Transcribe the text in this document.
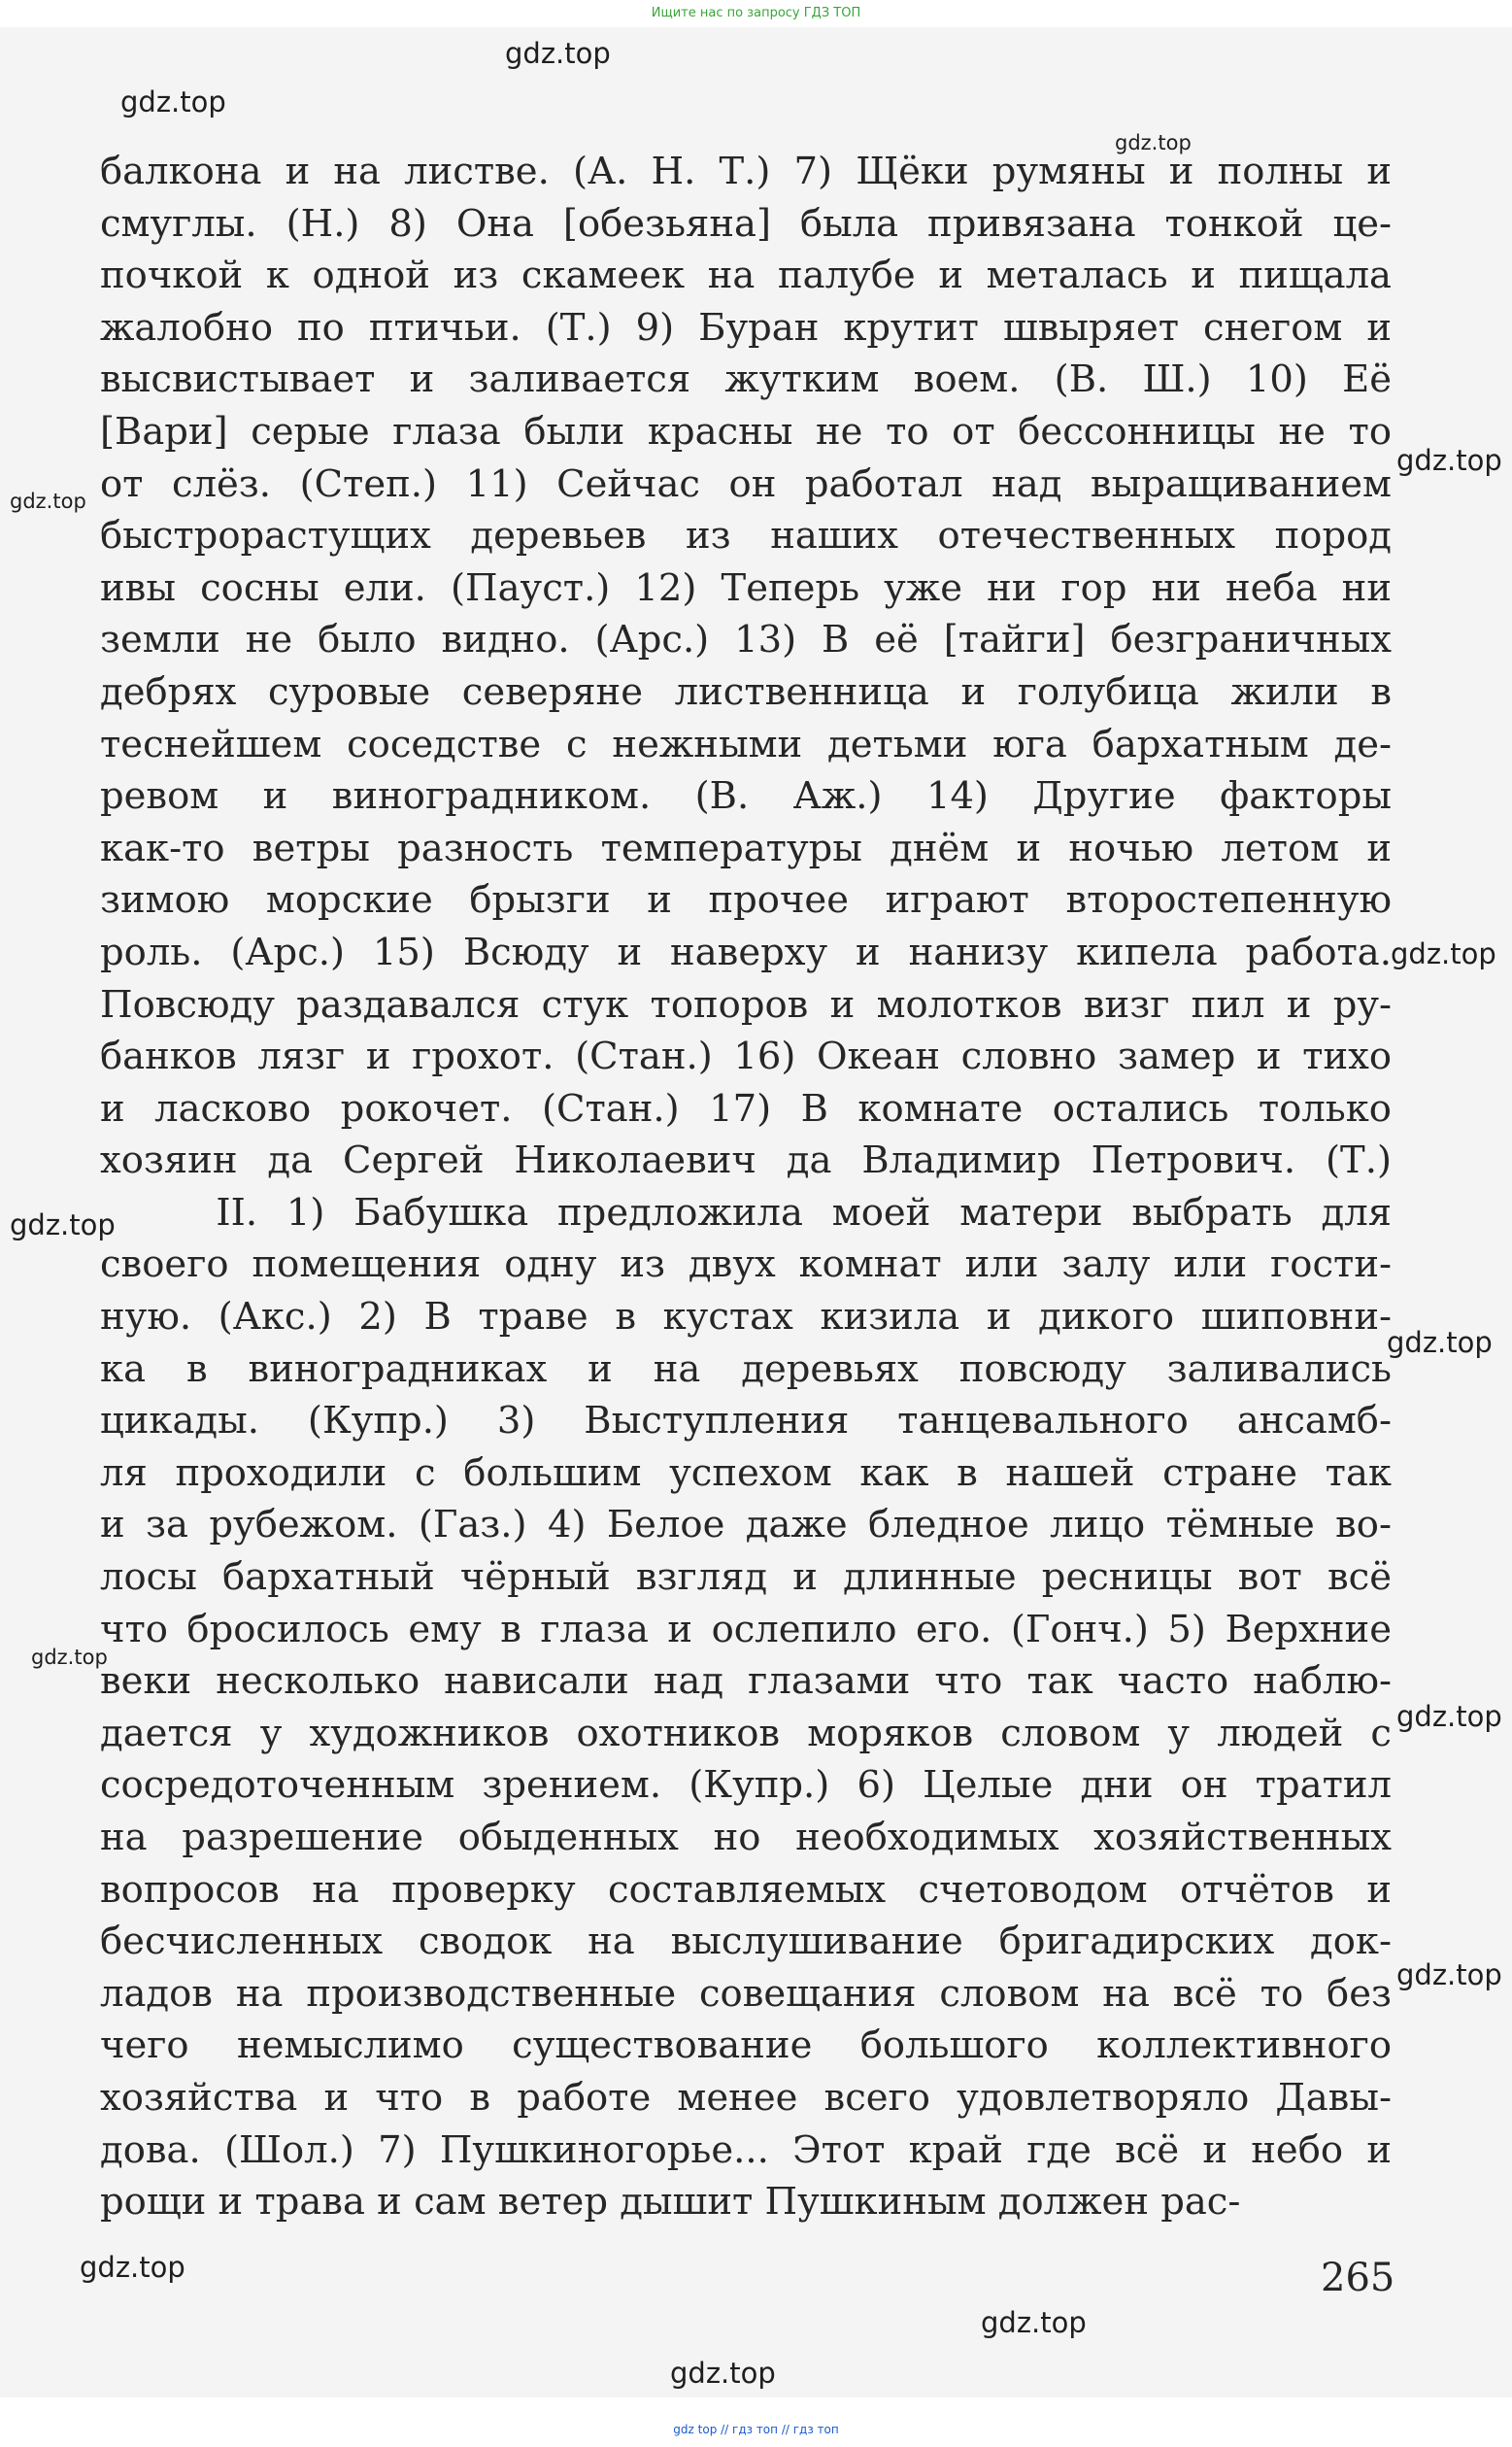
Ищите нас по запросу ГДЗ ТОП
балкона и на листве. (А. Н. Т.) 7) Щёки румяны и полны и
смуглы. (Н.) 8) Она [обезьяна] была привязана тонкой це-
почкой к одной из скамеек на палубе и металась и пищала
жалобно по птичьи. (Т.) 9) Буран крутит швыряет снегом и
высвистывает и заливается жутким воем. (В. Ш.) 10) Её
[Вари] серые глаза были красны не то от бессонницы не то
от слёз. (Степ.) 11) Сейчас он работал над выращиванием
быстрорастущих деревьев из наших отечественных пород
ивы сосны ели. (Пауст.) 12) Теперь уже ни гор ни неба ни
земли не было видно. (Арс.) 13) В её [тайги] безграничных
дебрях суровые северяне лиственница и голубица жили в
теснейшем соседстве с нежными детьми юга бархатным де-
ревом и виноградником. (В. Аж.) 14) Другие факторы
как-то ветры разность температуры днём и ночью летом и
зимою морские брызги и прочее играют второстепенную
роль. (Арс.) 15) Всюду и наверху и нанизу кипела работа.
Повсюду раздавался стук топоров и молотков визг пил и ру-
банков лязг и грохот. (Стан.) 16) Океан словно замер и тихо
и ласково рокочет. (Стан.) 17) В комнате остались только
хозяин да Сергей Николаевич да Владимир Петрович. (Т.)
II. 1) Бабушка предложила моей матери выбрать для
своего помещения одну из двух комнат или залу или гости-
ную. (Акс.) 2) В траве в кустах кизила и дикого шиповни-
ка в виноградниках и на деревьях повсюду заливались
цикады. (Купр.) 3) Выступления танцевального ансамб-
ля проходили с большим успехом как в нашей стране так
и за рубежом. (Газ.) 4) Белое даже бледное лицо тёмные во-
лосы бархатный чёрный взгляд и длинные ресницы вот всё
что бросилось ему в глаза и ослепило его. (Гонч.) 5) Верхние
веки несколько нависали над глазами что так часто наблю-
дается у художников охотников моряков словом у людей с
сосредоточенным зрением. (Купр.) 6) Целые дни он тратил
на разрешение обыденных но необходимых хозяйственных
вопросов на проверку составляемых счетоводом отчётов и
бесчисленных сводок на выслушивание бригадирских док-
ладов на производственные совещания словом на всё то без
чего немыслимо существование большого коллективного
хозяйства и что в работе менее всего удовлетворяло Давы-
дова. (Шол.) 7) Пушкиногорье... Этот край где всё и небо и
рощи и трава и сам ветер дышит Пушкиным должен рас-
265
gdz.top
gdz.top
gdz.top
gdz.top
gdz.top
gdz.top
gdz.top
gdz.top
gdz.top
gdz.top
gdz.top
gdz.top
gdz.top
gdz.top
gdz top // гдз топ // гдз топ
